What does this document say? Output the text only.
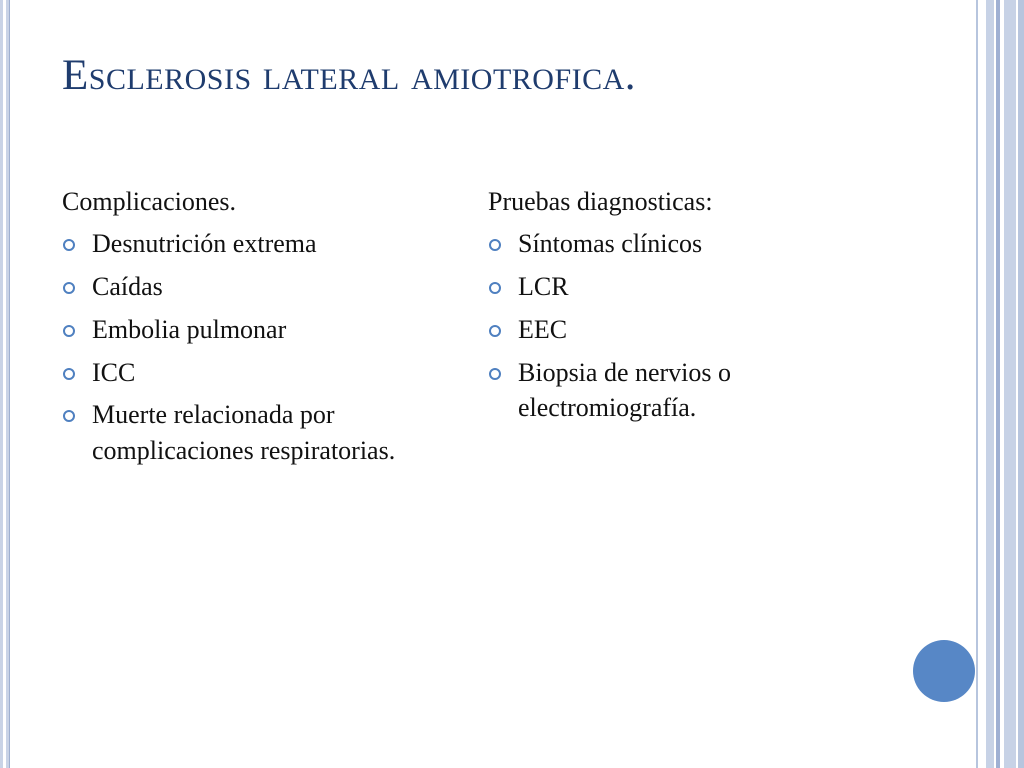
Esclerosis lateral amiotrofica.
Complicaciones.
Desnutrición extrema
Caídas
Embolia pulmonar
ICC
Muerte relacionada por complicaciones respiratorias.
Pruebas diagnosticas:
Síntomas clínicos
LCR
EEC
Biopsia de nervios o electromiografía.
